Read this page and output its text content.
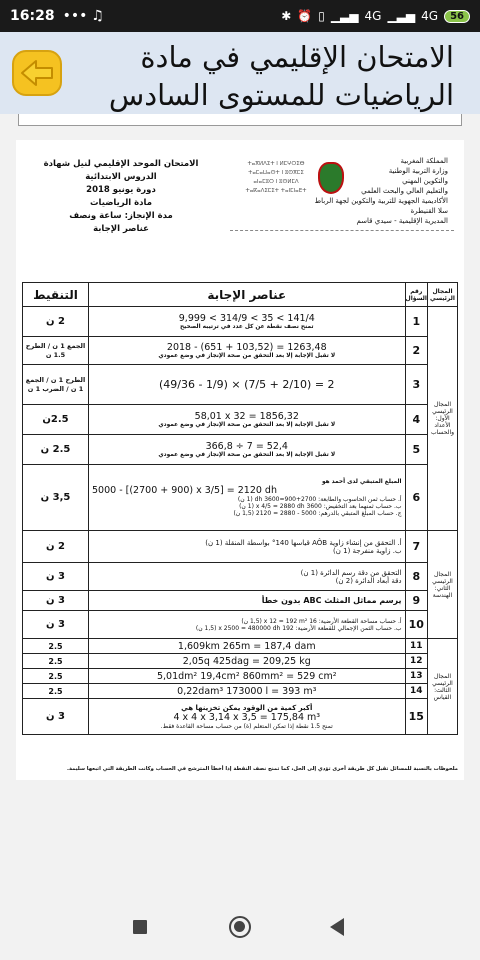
16:28 ••• ♫	✱ ⏰ ▯ ▁▃▅ 4G ▁▃▅ 4G	56
الامتحان الإقليمي في مادة الرياضيات للمستوى السادس
الامتحان الموحد الإقليمي لنيل شهادة
الدروس الابتدائية
دورة يونيو 2018
مادة الرياضيات
مدة الإنجاز: ساعة ونصف
عناصر الإجابة
ⵜⴰⴳⵍⴷⵉⵜ ⵏ ⵍⵎⵖⵔⵉⴱ
ⵜⴰⵎⴰⵡⴰⵙⵜ ⵏ ⵓⵙⴳⵎⵉ
ⴰⵏⴰⵎⵓⵔ ⵏ ⵓⵙⵍⵎⴷ
ⵜⴰⴽⴰⴷⵉⵎⵉⵜ ⵜⴰⵏⵎⵏⴰⴹⵜ
المملكة المغربية
وزارة التربية الوطنية
والتكوين المهني
والتعليم العالي والبحث العلمي
الأكاديمية الجهوية للتربية والتكوين لجهة الرباط سلا القنيطرة
المديرية الإقليمية - سيدي قاسم
المجال الرئيسي	رقم السؤال	عناصر الإجابة	التنقيط
المجال الرئيسي الأول: الأعداد والحساب	1	9,999 < 314/9 < 35 < 141/4
تمنح نصف نقطة عن كل عدد في ترتيبه الصحيح	2 ن
	2	2018 - (651 + 103,52) = 1263,48
لا تقبل الإجابة إلا بعد التحقق من صحة الإنجاز في وضع عمودي	الجمع 1 ن / الطرح 1.5 ن

	3	(49/36 - 1/9) × (7/5 + 2/10) = 2	الطرح 1 ن / الجمع 1 ن / الضرب 1 ن

	4	58,01 x 32 = 1856,32
لا تقبل الإجابة إلا بعد التحقق من صحة الإنجاز في وضع عمودي	2.5ن
	5	366,8 ÷ 7 = 52,4
لا تقبل الإجابة إلا بعد التحقق من صحة الإنجاز في وضع عمودي	2.5 ن
	6	المبلغ المتبقي لدى أحمد هو
5000 - [(2700 + 900) x 3/5] = 2120 dh
أ. حساب ثمن الحاسوب والطابعة: 2700+900=3600 dh (1 ن)
ب. حساب ثمنهما بعد التخفيض: 3600 x 4/5 = 2880 dh (1 ن)
ج. حساب المبلغ المتبقي بالدرهم: 5000 - 2880 = 2120 (1,5 ن)	3,5 ن
المجال الرئيسي الثاني: الهندسة	7	أ. التحقق من إنشاء زاوية AÔB قياسها 140° بواسطة المنقلة (1 ن)
ب. زاوية منفرجة (1 ن)	2 ن
	8	التحقق من دقة رسم الدائرة (1 ن)
دقة أبعاد الدائرة (2 ن)	3 ن
	9	يرسم مماثل المثلث ABC بدون خطأ	3 ن
	10	أ. حساب مساحة القطعة الأرضية: 16 x 12 = 192 m² (1,5 ن)
ب. حساب الثمن الإجمالي للقطعة الأرضية: 192 x 2500 = 480000 dh (1,5 ن)	3 ن
المجال الرئيسي الثالث: القياس	11	1,609km 265m = 187,4 dam	2.5
	12	2,05q 425dag = 209,25 kg	2.5
	13	5,01dm² 19,4cm² 860mm² = 529 cm²	2.5
	14	0,22dam³ 173000 l = 393 m³	2.5
	15	أكبر كمية من الوقود يمكن تخزينها هي
4 x 4 x 3,14 x 3,5 = 175,84 m³
تمنح 1.5 نقطة إذا تمكن المتعلم (ة) من حساب مساحة القاعدة فقط.	3 ن
ملحوظات بالنسبة للمسائل تقبل كل طريقة أخرى تؤدي إلى الحل، كما تمنح نصف النقطة إذا أخطأ المترشح في الحساب وكانت الطريقة التي اتبعها سليمة.
